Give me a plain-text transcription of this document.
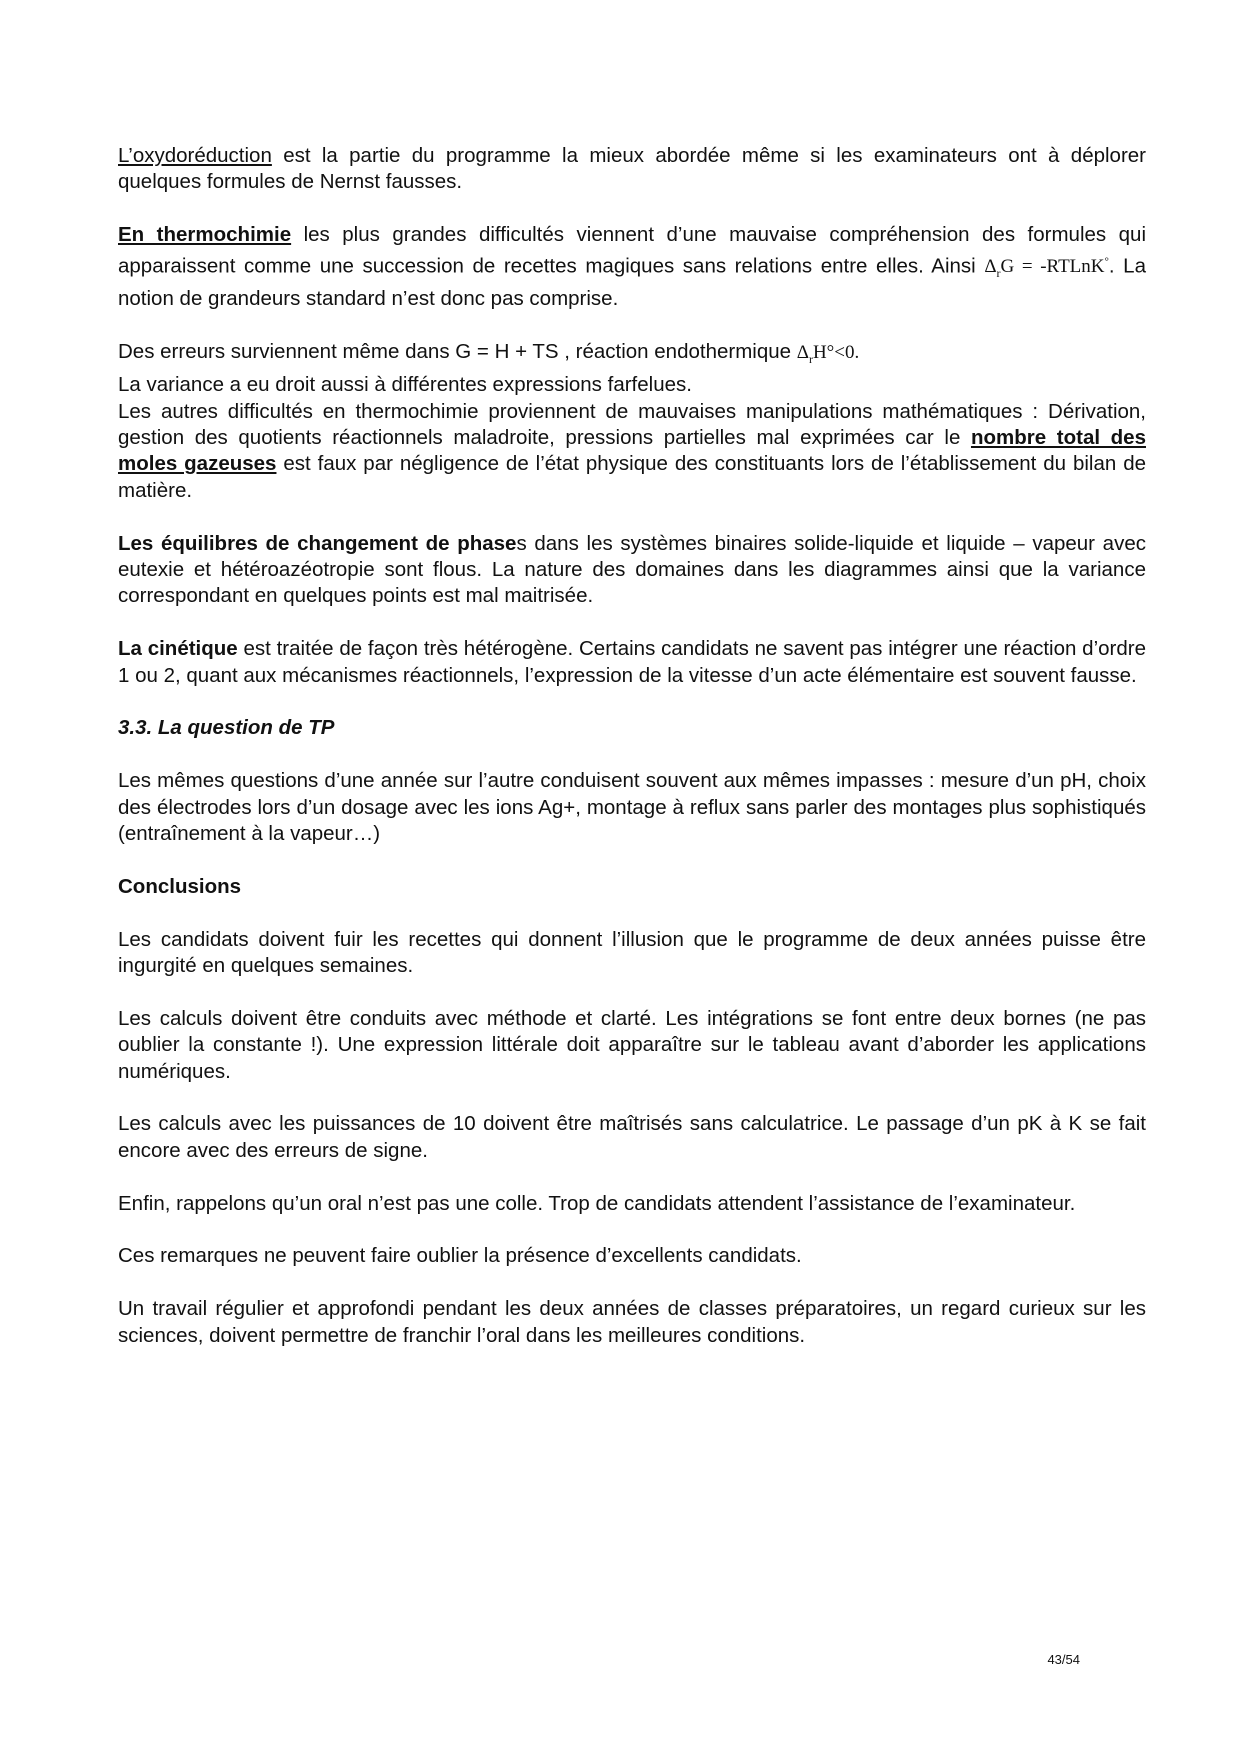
L’oxydoréduction est la partie du programme la mieux abordée même si les examinateurs ont à déplorer quelques formules de Nernst fausses.

En thermochimie les plus grandes difficultés viennent d’une mauvaise compréhension des formules qui apparaissent comme une succession de recettes magiques sans relations entre elles. Ainsi $\Delta_rG$ = -RTLnK°. La notion de grandeurs standard n’est donc pas comprise.

Des erreurs surviennent même dans G = H + TS , réaction endothermique $\Delta_rH^\circ<0$.
La variance a eu droit aussi à différentes expressions farfelues.
Les autres difficultés en thermochimie proviennent de mauvaises manipulations mathématiques : Dérivation, gestion des quotients réactionnels maladroite, pressions partielles mal exprimées car le nombre total des moles gazeuses est faux par négligence de l’état physique des constituants lors de l’établissement du bilan de matière.

Les équilibres de changement de phases dans les systèmes binaires solide-liquide et liquide – vapeur avec eutexie et hétéroazéotropie sont flous. La nature des domaines dans les diagrammes ainsi que la variance correspondant en quelques points est mal maitrisée.

La cinétique est traitée de façon très hétérogène. Certains candidats ne savent pas intégrer une réaction d’ordre 1 ou 2, quant aux mécanismes réactionnels, l’expression de la vitesse d’un acte élémentaire est souvent fausse.

3.3. La question de TP

Les mêmes questions d’une année sur l’autre conduisent souvent aux mêmes impasses : mesure d’un pH, choix des électrodes lors d’un dosage avec les ions Ag+, montage à reflux sans parler des montages plus sophistiqués (entraînement à la vapeur…)

Conclusions

Les candidats doivent fuir les recettes qui donnent l’illusion que le programme de deux années puisse être ingurgité en quelques semaines.

Les calculs doivent être conduits avec méthode et clarté. Les intégrations se font entre deux bornes (ne pas oublier la constante !). Une expression littérale doit apparaître sur le tableau avant d’aborder les applications numériques.

Les calculs avec les puissances de 10 doivent être maîtrisés sans calculatrice. Le passage d’un pK à K se fait encore avec des erreurs de signe.

Enfin, rappelons qu’un oral n’est pas une colle. Trop de candidats attendent l’assistance de l’examinateur.

Ces remarques ne peuvent faire oublier la présence d’excellents candidats.

Un travail régulier et approfondi pendant les deux années de classes préparatoires, un regard curieux sur les sciences, doivent permettre de franchir l’oral dans les meilleures conditions.

43/54
